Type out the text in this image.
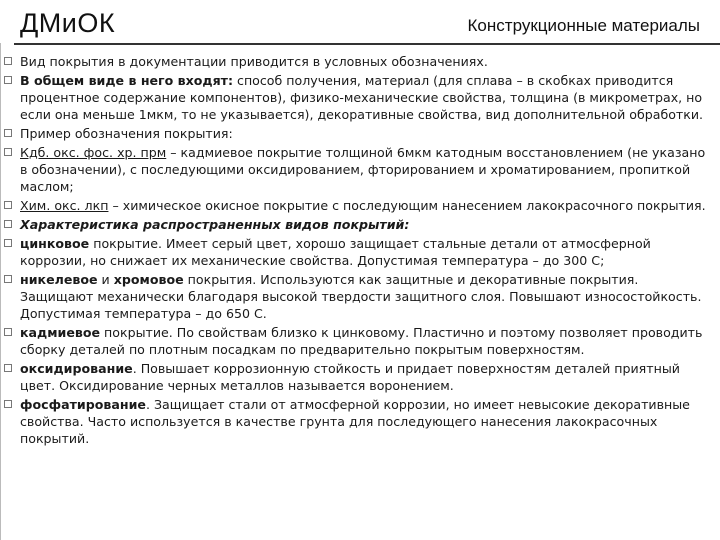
ДМиОК	Конструкционные материалы

Вид покрытия в документации приводится в условных обозначениях.

В общем виде в него входят: способ получения, материал (для сплава – в скобках приводится процентное содержание компонентов), физико-механические свойства, толщина (в микрометрах, но если она меньше 1мкм, то не указывается), декоративные свойства, вид дополнительной обработки.

Пример обозначения покрытия:

Кдб. окс. фос. хр. прм – кадмиевое покрытие толщиной 6мкм катодным восстановлением (не указано в обозначении), с последующими оксидированием, фторированием и хроматированием, пропиткой маслом;

Хим. окс. лкп – химическое окисное покрытие с последующим нанесением лакокрасочного покрытия.

Характеристика распространенных видов покрытий:

цинковое покрытие. Имеет серый цвет, хорошо защищает стальные детали от атмосферной коррозии, но снижает их механические свойства. Допустимая температура – до 300 С;

никелевое и хромовое покрытия. Используются как защитные и декоративные покрытия. Защищают механически благодаря высокой твердости защитного слоя. Повышают износостойкость. Допустимая температура – до 650 С.

кадмиевое покрытие. По свойствам близко к цинковому. Пластично и поэтому позволяет проводить сборку деталей по плотным посадкам по предварительно покрытым поверхностям.

оксидирование. Повышает коррозионную стойкость и придает поверхностям деталей приятный цвет. Оксидирование черных металлов называется воронением.

фосфатирование. Защищает стали от атмосферной коррозии, но имеет невысокие декоративные свойства. Часто используется в качестве грунта для последующего нанесения лакокрасочных покрытий.
